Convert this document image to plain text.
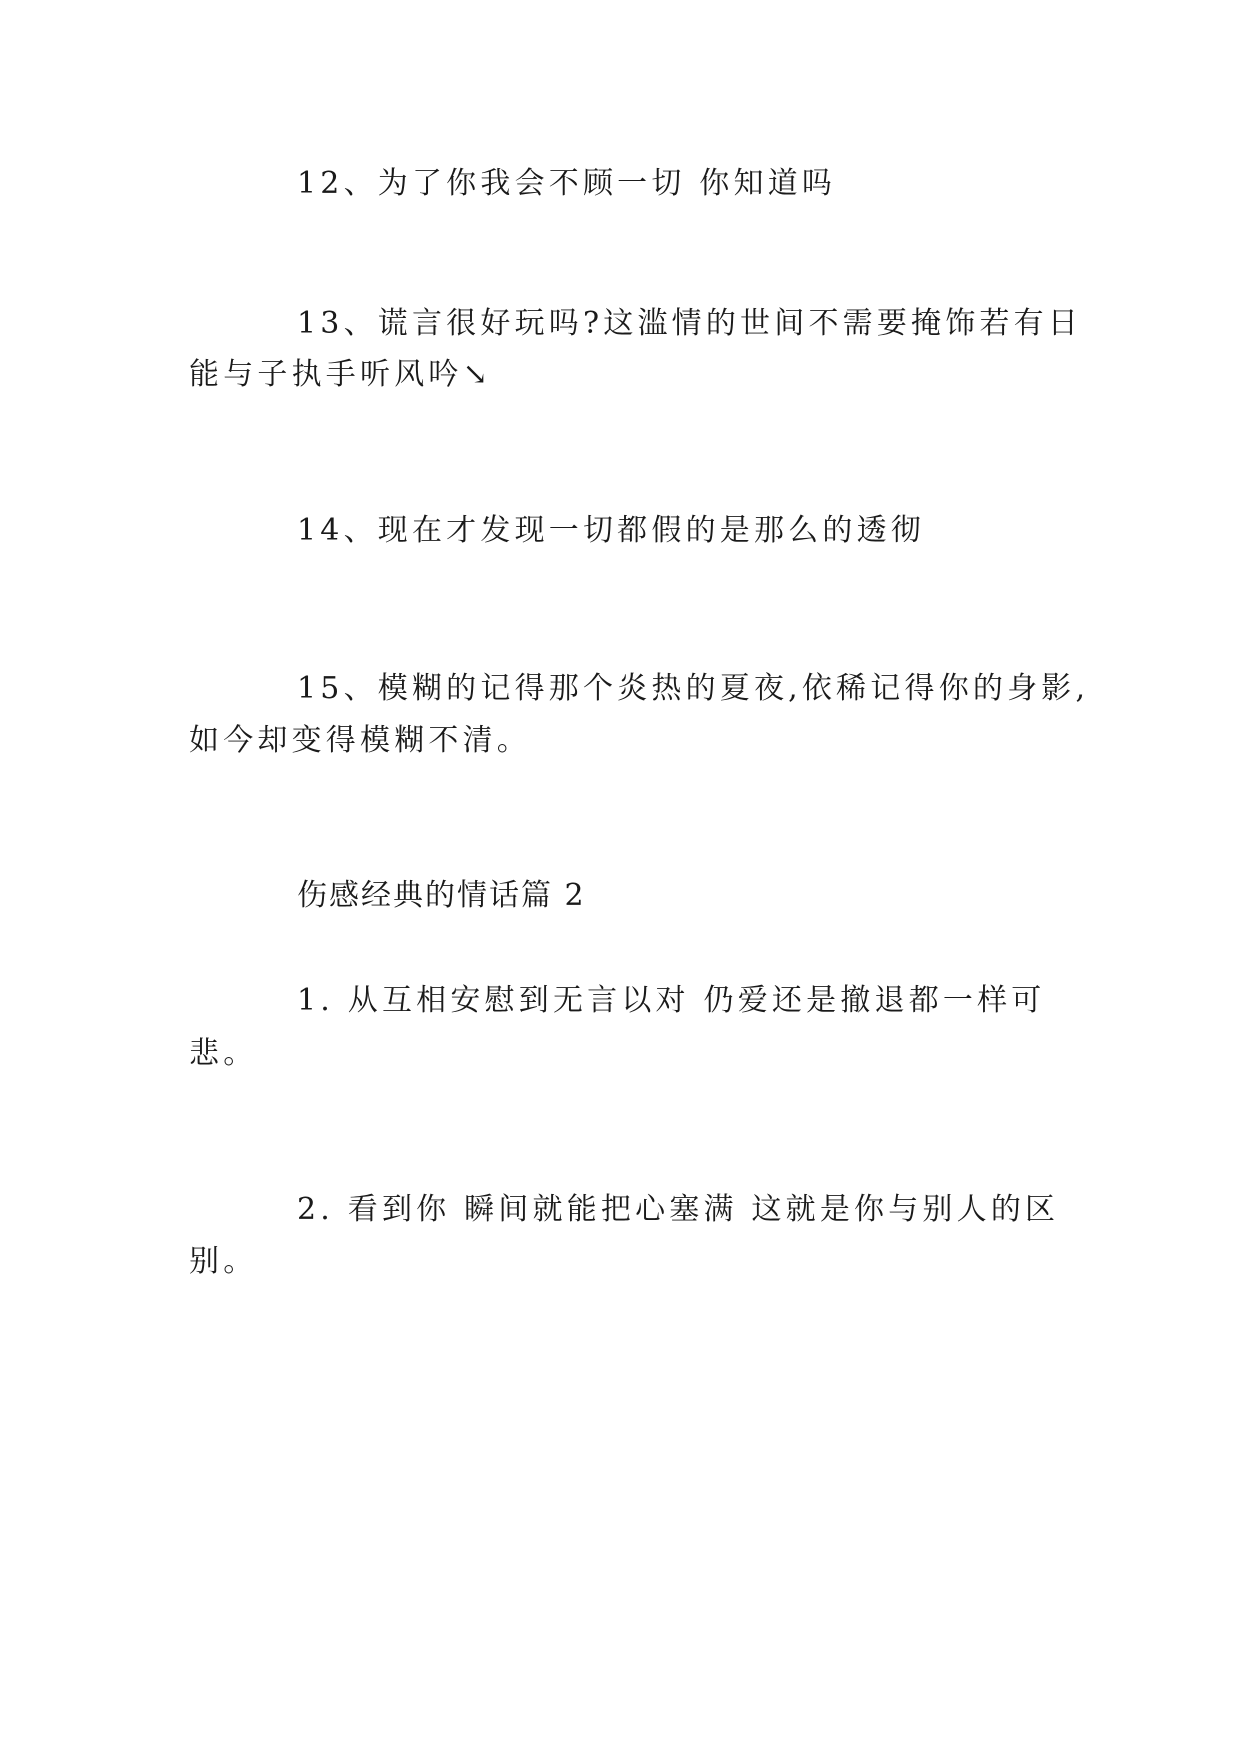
12、为了你我会不顾一切 你知道吗
13、谎言很好玩吗?这滥情的世间不需要掩饰若有日
能与子执手听风吟↘
14、现在才发现一切都假的是那么的透彻
15、模糊的记得那个炎热的夏夜,依稀记得你的身影,
如今却变得模糊不清。
伤感经典的情话篇 2
1. 从互相安慰到无言以对 仍爱还是撤退都一样可
悲。
2. 看到你 瞬间就能把心塞满 这就是你与别人的区
别。
